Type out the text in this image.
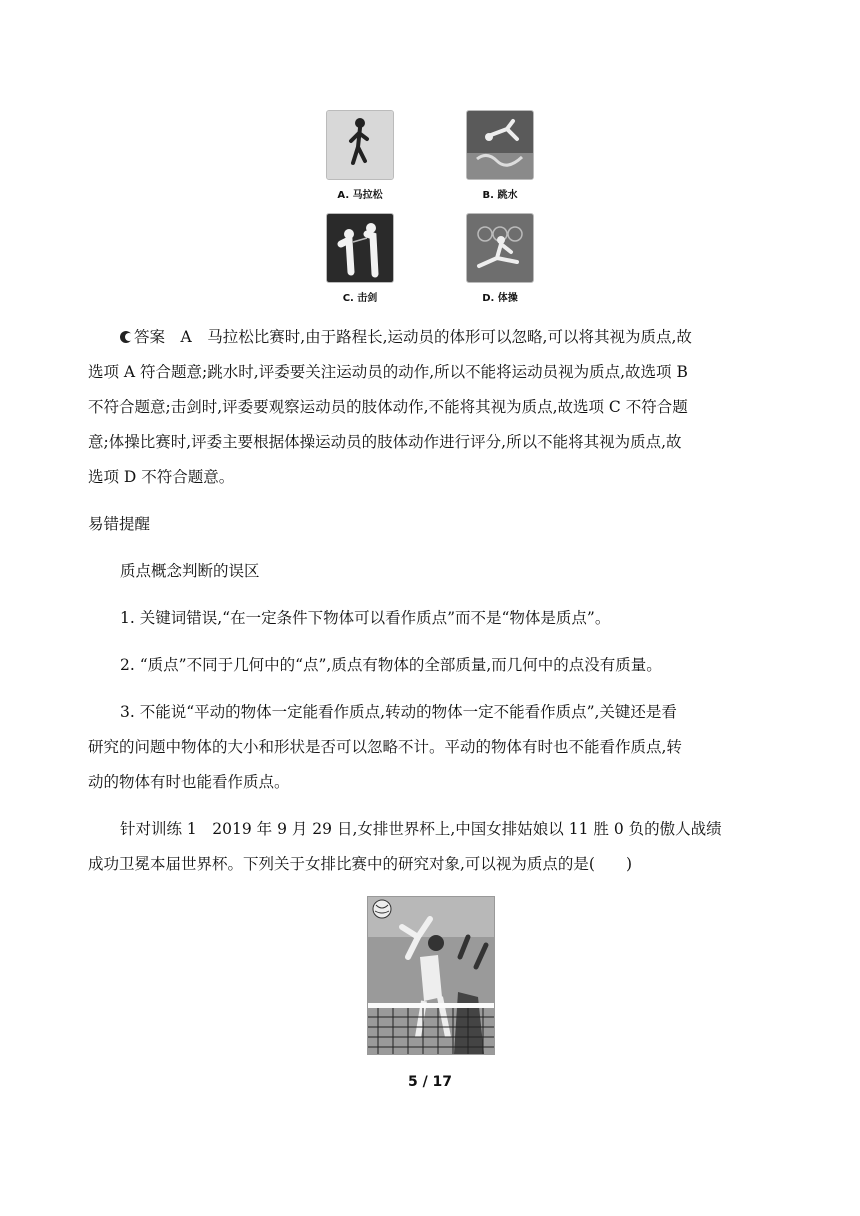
A. 马拉松	B. 跳水
C. 击剑	D. 体操
答案　A　马拉松比赛时,由于路程长,运动员的体形可以忽略,可以将其视为质点,故
选项 A 符合题意;跳水时,评委要关注运动员的动作,所以不能将运动员视为质点,故选项 B
不符合题意;击剑时,评委要观察运动员的肢体动作,不能将其视为质点,故选项 C 不符合题
意;体操比赛时,评委主要根据体操运动员的肢体动作进行评分,所以不能将其视为质点,故
选项 D 不符合题意。
易错提醒
质点概念判断的误区
1. 关键词错误,“在一定条件下物体可以看作质点”而不是“物体是质点”。
2. “质点”不同于几何中的“点”,质点有物体的全部质量,而几何中的点没有质量。
3. 不能说“平动的物体一定能看作质点,转动的物体一定不能看作质点”,关键还是看
研究的问题中物体的大小和形状是否可以忽略不计。平动的物体有时也不能看作质点,转
动的物体有时也能看作质点。
针对训练 1　2019 年 9 月 29 日,女排世界杯上,中国女排姑娘以 11 胜 0 负的傲人战绩
成功卫冕本届世界杯。下列关于女排比赛中的研究对象,可以视为质点的是(　　)
5 / 17
